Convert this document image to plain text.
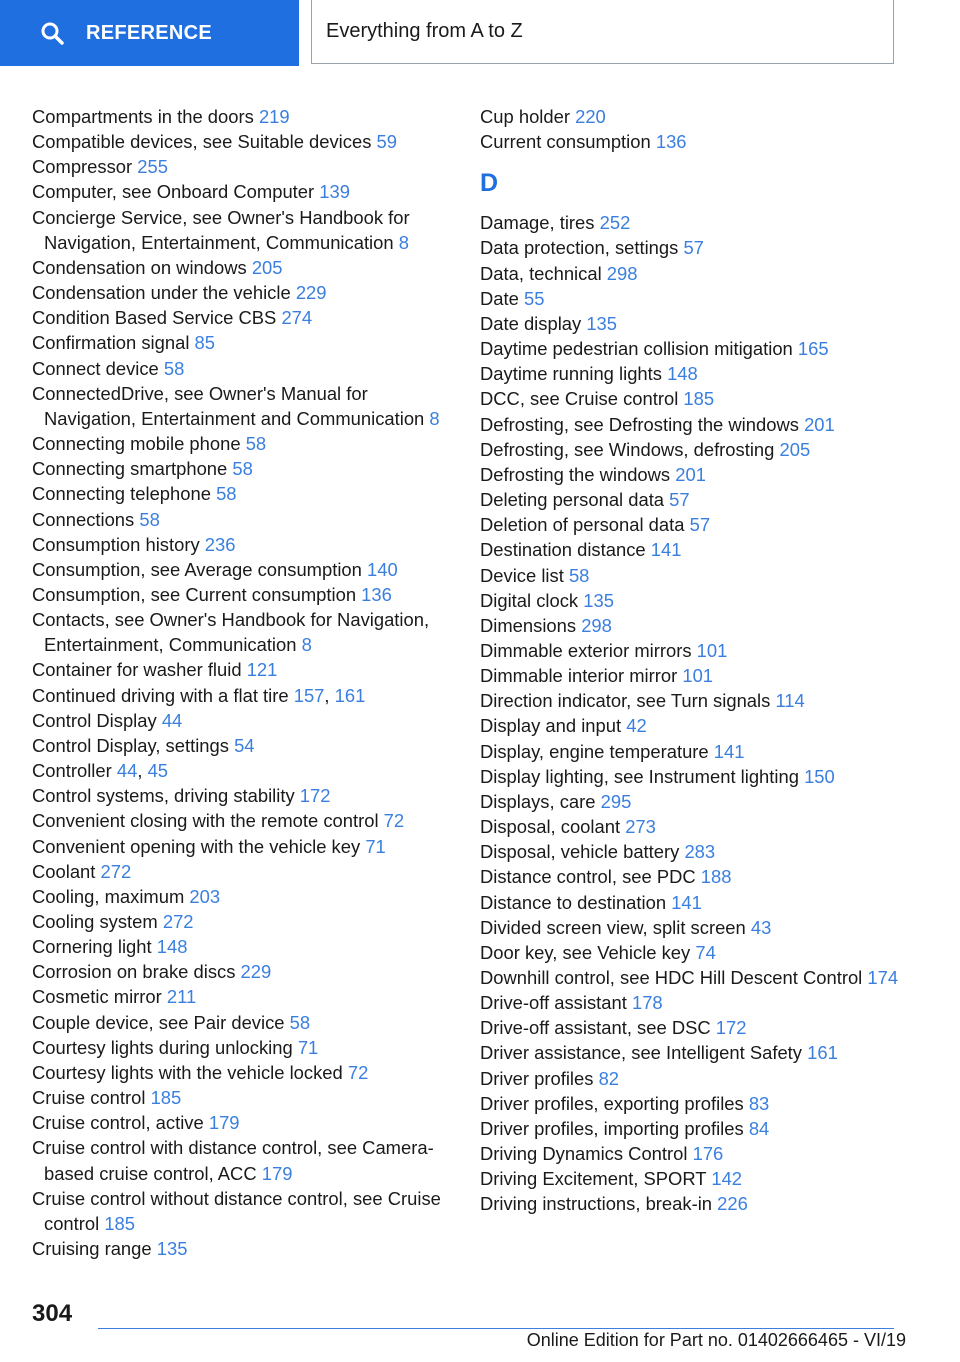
REFERENCE	Everything from A to Z
Compartments in the doors 219
Compatible devices, see Suitable devices 59
Compressor 255
Computer, see Onboard Computer 139
Concierge Service, see Owner's Handbook for Navigation, Entertainment, Communication 8
Condensation on windows 205
Condensation under the vehicle 229
Condition Based Service CBS 274
Confirmation signal 85
Connect device 58
ConnectedDrive, see Owner's Manual for Navigation, Entertainment and Communication 8
Connecting mobile phone 58
Connecting smartphone 58
Connecting telephone 58
Connections 58
Consumption history 236
Consumption, see Average consumption 140
Consumption, see Current consumption 136
Contacts, see Owner's Handbook for Navigation, Entertainment, Communication 8
Container for washer fluid 121
Continued driving with a flat tire 157, 161
Control Display 44
Control Display, settings 54
Controller 44, 45
Control systems, driving stability 172
Convenient closing with the remote control 72
Convenient opening with the vehicle key 71
Coolant 272
Cooling, maximum 203
Cooling system 272
Cornering light 148
Corrosion on brake discs 229
Cosmetic mirror 211
Couple device, see Pair device 58
Courtesy lights during unlocking 71
Courtesy lights with the vehicle locked 72
Cruise control 185
Cruise control, active 179
Cruise control with distance control, see Camera-based cruise control, ACC 179
Cruise control without distance control, see Cruise control 185
Cruising range 135
Cup holder 220
Current consumption 136
D
Damage, tires 252
Data protection, settings 57
Data, technical 298
Date 55
Date display 135
Daytime pedestrian collision mitigation 165
Daytime running lights 148
DCC, see Cruise control 185
Defrosting, see Defrosting the windows 201
Defrosting, see Windows, defrosting 205
Defrosting the windows 201
Deleting personal data 57
Deletion of personal data 57
Destination distance 141
Device list 58
Digital clock 135
Dimensions 298
Dimmable exterior mirrors 101
Dimmable interior mirror 101
Direction indicator, see Turn signals 114
Display and input 42
Display, engine temperature 141
Display lighting, see Instrument lighting 150
Displays, care 295
Disposal, coolant 273
Disposal, vehicle battery 283
Distance control, see PDC 188
Distance to destination 141
Divided screen view, split screen 43
Door key, see Vehicle key 74
Downhill control, see HDC Hill Descent Control 174
Drive-off assistant 178
Drive-off assistant, see DSC 172
Driver assistance, see Intelligent Safety 161
Driver profiles 82
Driver profiles, exporting profiles 83
Driver profiles, importing profiles 84
Driving Dynamics Control 176
Driving Excitement, SPORT 142
Driving instructions, break-in 226
304
Online Edition for Part no. 01402666465 - VI/19
